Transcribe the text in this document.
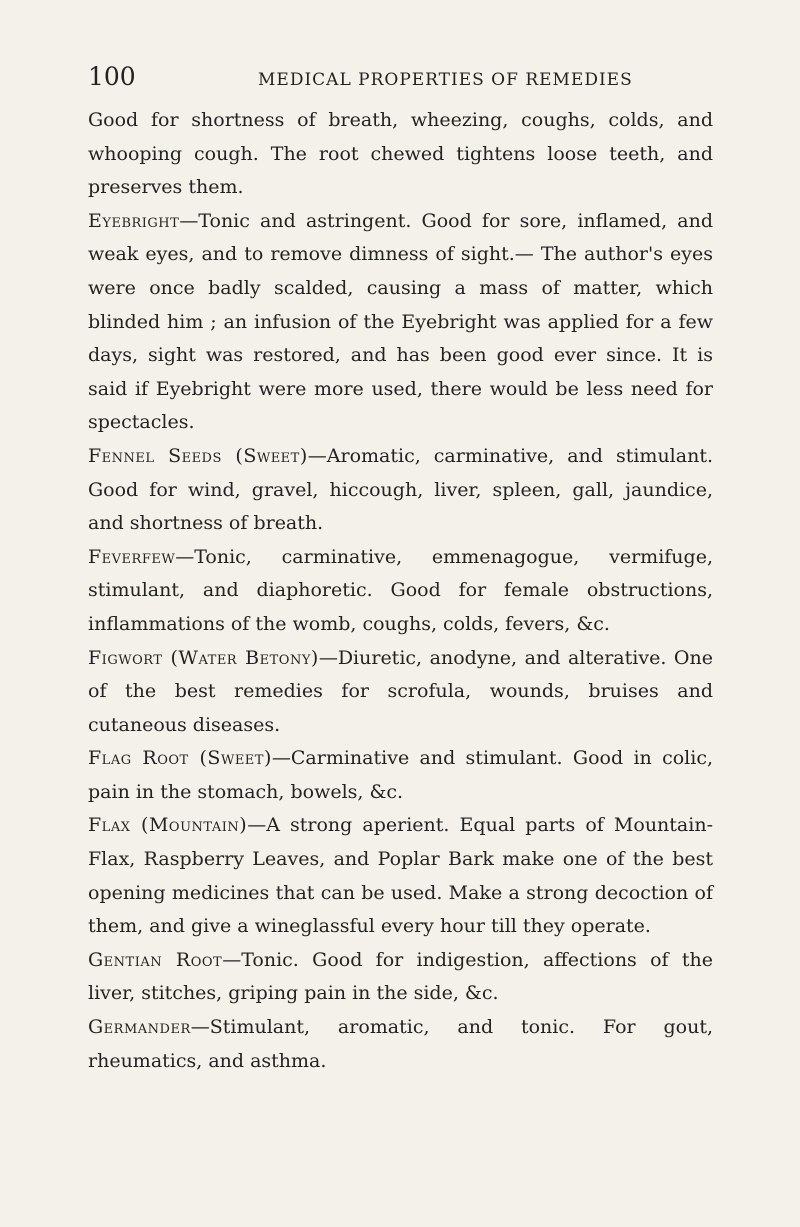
100	MEDICAL PROPERTIES OF REMEDIES

Good for shortness of breath, wheezing, coughs, colds, and whooping cough. The root chewed tightens loose teeth, and preserves them.

Eyebright—Tonic and astringent. Good for sore, inflamed, and weak eyes, and to remove dimness of sight.— The author's eyes were once badly scalded, causing a mass of matter, which blinded him ; an infusion of the Eyebright was applied for a few days, sight was restored, and has been good ever since. It is said if Eyebright were more used, there would be less need for spectacles.

Fennel Seeds (Sweet)—Aromatic, carminative, and stimulant. Good for wind, gravel, hiccough, liver, spleen, gall, jaundice, and shortness of breath.

Feverfew—Tonic, carminative, emmenagogue, vermifuge, stimulant, and diaphoretic. Good for female obstructions, inflammations of the womb, coughs, colds, fevers, &c.

Figwort (Water Betony)—Diuretic, anodyne, and alterative. One of the best remedies for scrofula, wounds, bruises and cutaneous diseases.

Flag Root (Sweet)—Carminative and stimulant. Good in colic, pain in the stomach, bowels, &c.

Flax (Mountain)—A strong aperient. Equal parts of Mountain-Flax, Raspberry Leaves, and Poplar Bark make one of the best opening medicines that can be used. Make a strong decoction of them, and give a wineglassful every hour till they operate.

Gentian Root—Tonic. Good for indigestion, affections of the liver, stitches, griping pain in the side, &c.

Germander—Stimulant, aromatic, and tonic. For gout, rheumatics, and asthma.
